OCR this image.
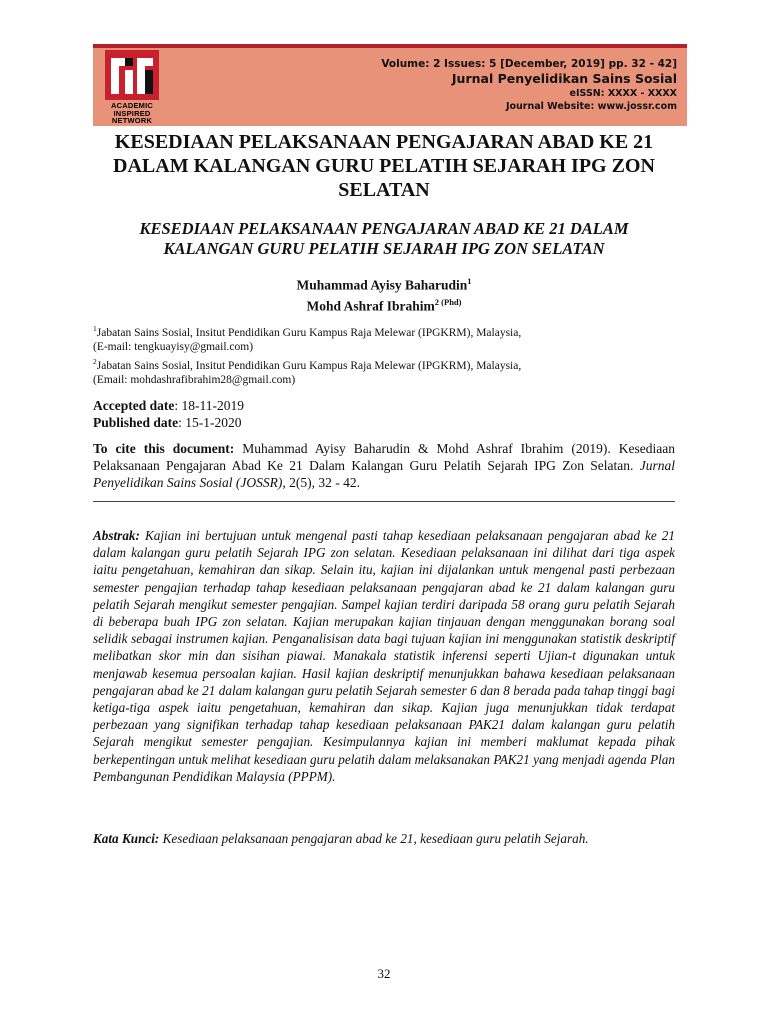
ACADEMIC
INSPIRED
NETWORK
Volume: 2 Issues: 5 [December, 2019] pp. 32 - 42]
Jurnal Penyelidikan Sains Sosial
eISSN: XXXX - XXXX
Journal Website: www.jossr.com
KESEDIAAN PELAKSANAAN PENGAJARAN ABAD KE 21
DALAM KALANGAN GURU PELATIH SEJARAH IPG ZON
SELATAN
KESEDIAAN PELAKSANAAN PENGAJARAN ABAD KE 21 DALAM
KALANGAN GURU PELATIH SEJARAH IPG ZON SELATAN
Muhammad Ayisy Baharudin$^1$
Mohd Ashraf Ibrahim$^{2 (Phd)}$

$^1$Jabatan Sains Sosial, Insitut Pendidikan Guru Kampus Raja Melewar (IPGKRM), Malaysia,

(E-mail: tengkuayisy@gmail.com)

$^2$Jabatan Sains Sosial, Insitut Pendidikan Guru Kampus Raja Melewar (IPGKRM), Malaysia,

(Email: mohdashrafibrahim28@gmail.com)

Accepted date: 18-11-2019
Published date: 15-1-2020
To cite this document: Muhammad Ayisy Baharudin & Mohd Ashraf Ibrahim (2019). Kesediaan Pelaksanaan Pengajaran Abad Ke 21 Dalam Kalangan Guru Pelatih Sejarah IPG Zon Selatan. Jurnal Penyelidikan Sains Sosial (JOSSR), 2(5), 32 - 42.
Abstrak: Kajian ini bertujuan untuk mengenal pasti tahap kesediaan pelaksanaan pengajaran abad ke 21 dalam kalangan guru pelatih Sejarah IPG zon selatan. Kesediaan pelaksanaan ini dilihat dari tiga aspek iaitu pengetahuan, kemahiran dan sikap. Selain itu, kajian ini dijalankan untuk mengenal pasti perbezaan semester pengajian terhadap tahap kesediaan pelaksanaan pengajaran abad ke 21 dalam kalangan guru pelatih Sejarah mengikut semester pengajian. Sampel kajian terdiri daripada 58 orang guru pelatih Sejarah di beberapa buah IPG zon selatan. Kajian merupakan kajian tinjauan dengan menggunakan borang soal selidik sebagai instrumen kajian. Penganalisisan data bagi tujuan kajian ini menggunakan statistik deskriptif melibatkan skor min dan sisihan piawai. Manakala statistik inferensi seperti Ujian-t digunakan untuk menjawab kesemua persoalan kajian. Hasil kajian deskriptif menunjukkan bahawa kesediaan pelaksanaan pengajaran abad ke 21 dalam kalangan guru pelatih Sejarah semester 6 dan 8 berada pada tahap tinggi bagi ketiga-tiga aspek iaitu pengetahuan, kemahiran dan sikap. Kajian juga menunjukkan tidak terdapat perbezaan yang signifikan terhadap tahap kesediaan pelaksanaan PAK21 dalam kalangan guru pelatih Sejarah mengikut semester pengajian. Kesimpulannya kajian ini memberi maklumat kepada pihak berkepentingan untuk melihat kesediaan guru pelatih dalam melaksanakan PAK21 yang menjadi agenda Plan Pembangunan Pendidikan Malaysia (PPPM).
Kata Kunci: Kesediaan pelaksanaan pengajaran abad ke 21, kesediaan guru pelatih Sejarah.
32
